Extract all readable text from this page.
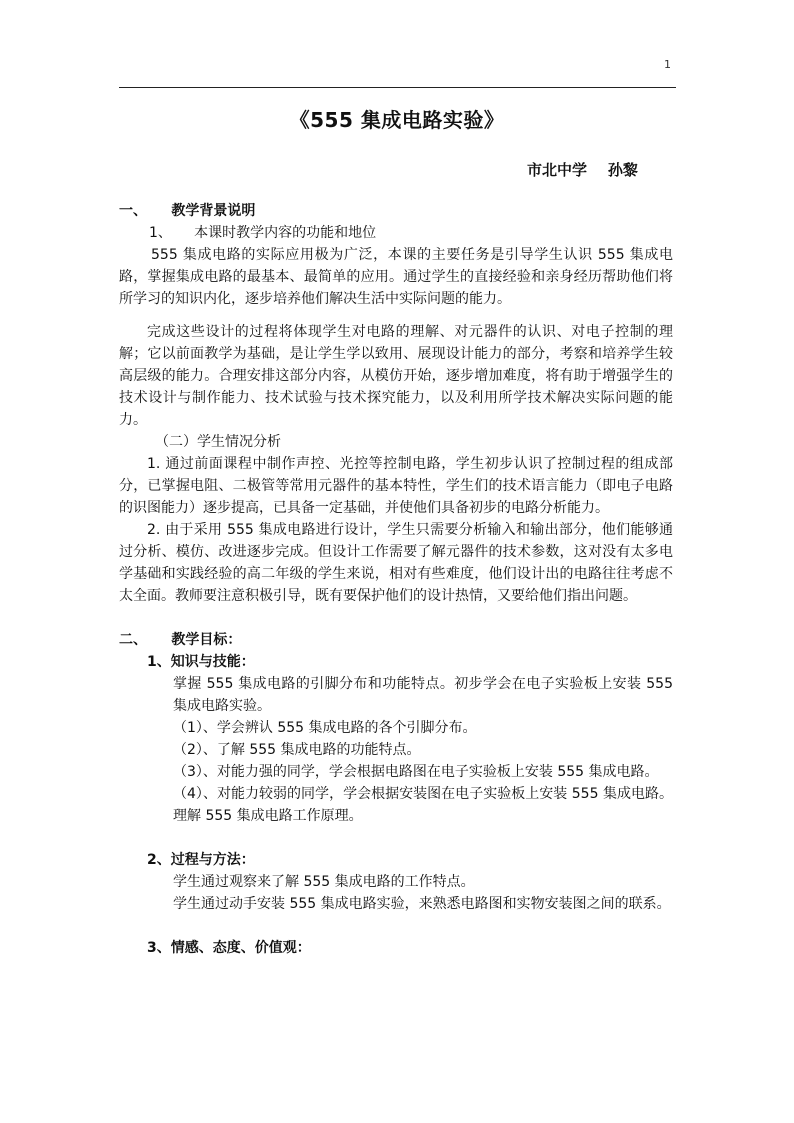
1
《555 集成电路实验》
市北中学    孙黎
一、     教学背景说明
1、     本课时教学内容的功能和地位
555 集成电路的实际应用极为广泛，本课的主要任务是引导学生认识 555 集成电路，掌握集成电路的最基本、最简单的应用。通过学生的直接经验和亲身经历帮助他们将所学习的知识内化，逐步培养他们解决生活中实际问题的能力。
完成这些设计的过程将体现学生对电路的理解、对元器件的认识、对电子控制的理解；它以前面教学为基础，是让学生学以致用、展现设计能力的部分，考察和培养学生较高层级的能力。合理安排这部分内容，从模仿开始，逐步增加难度，将有助于增强学生的技术设计与制作能力、技术试验与技术探究能力，以及利用所学技术解决实际问题的能力。
（二）学生情况分析
1. 通过前面课程中制作声控、光控等控制电路，学生初步认识了控制过程的组成部分，已掌握电阻、二极管等常用元器件的基本特性，学生们的技术语言能力（即电子电路的识图能力）逐步提高，已具备一定基础，并使他们具备初步的电路分析能力。
2. 由于采用 555 集成电路进行设计，学生只需要分析输入和输出部分，他们能够通过分析、模仿、改进逐步完成。但设计工作需要了解元器件的技术参数，这对没有太多电学基础和实践经验的高二年级的学生来说，相对有些难度，他们设计出的电路往往考虑不太全面。教师要注意积极引导，既有要保护他们的设计热情，又要给他们指出问题。
二、     教学目标：
1、知识与技能：
掌握 555 集成电路的引脚分布和功能特点。初步学会在电子实验板上安装 555 集成电路实验。
（1）、学会辨认 555 集成电路的各个引脚分布。
（2）、了解 555 集成电路的功能特点。
（3）、对能力强的同学，学会根据电路图在电子实验板上安装 555 集成电路。
（4）、对能力较弱的同学，学会根据安装图在电子实验板上安装 555 集成电路。理解 555 集成电路工作原理。
2、过程与方法：
学生通过观察来了解 555 集成电路的工作特点。
学生通过动手安装 555 集成电路实验，来熟悉电路图和实物安装图之间的联系。
3、情感、态度、价值观：
